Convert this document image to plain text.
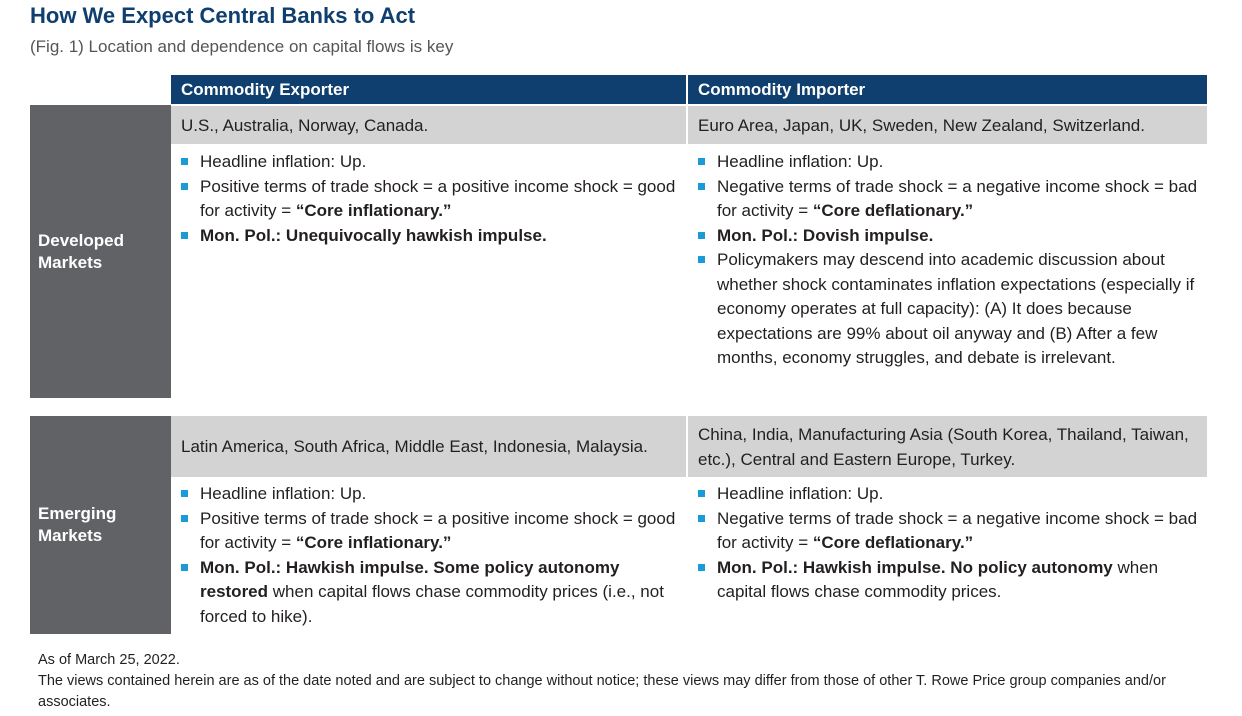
How We Expect Central Banks to Act
(Fig. 1) Location and dependence on capital flows is key
Commodity Exporter	Commodity Importer
Developed
Markets
Emerging
Markets
U.S., Australia, Norway, Canada.	Euro Area, Japan, UK, Sweden, New Zealand, Switzerland.
Latin America, South Africa, Middle East, Indonesia, Malaysia.
China, India, Manufacturing Asia (South Korea, Thailand, Taiwan, etc.), Central and Eastern Europe, Turkey.
Headline inflation: Up.
Positive terms of trade shock = a positive income shock = good for activity = “Core inflationary.”
Mon. Pol.: Unequivocally hawkish impulse.
Headline inflation: Up.
Negative terms of trade shock = a negative income shock = bad for activity = “Core deflationary.”
Mon. Pol.: Dovish impulse.
Policymakers may descend into academic discussion about whether shock contaminates inflation expectations (especially if economy operates at full capacity): (A) It does because expectations are 99% about oil anyway and (B) After a few months, economy struggles, and debate is irrelevant.
Headline inflation: Up.
Positive terms of trade shock = a positive income shock = good for activity = “Core inflationary.”
Mon. Pol.: Hawkish impulse. Some policy autonomy restored when capital flows chase commodity prices (i.e., not forced to hike).
Headline inflation: Up.
Negative terms of trade shock = a negative income shock = bad for activity = “Core deflationary.”
Mon. Pol.: Hawkish impulse. No policy autonomy when capital flows chase commodity prices.
As of March 25, 2022.
The views contained herein are as of the date noted and are subject to change without notice; these views may differ from those of other T. Rowe Price group companies and/or associates.
